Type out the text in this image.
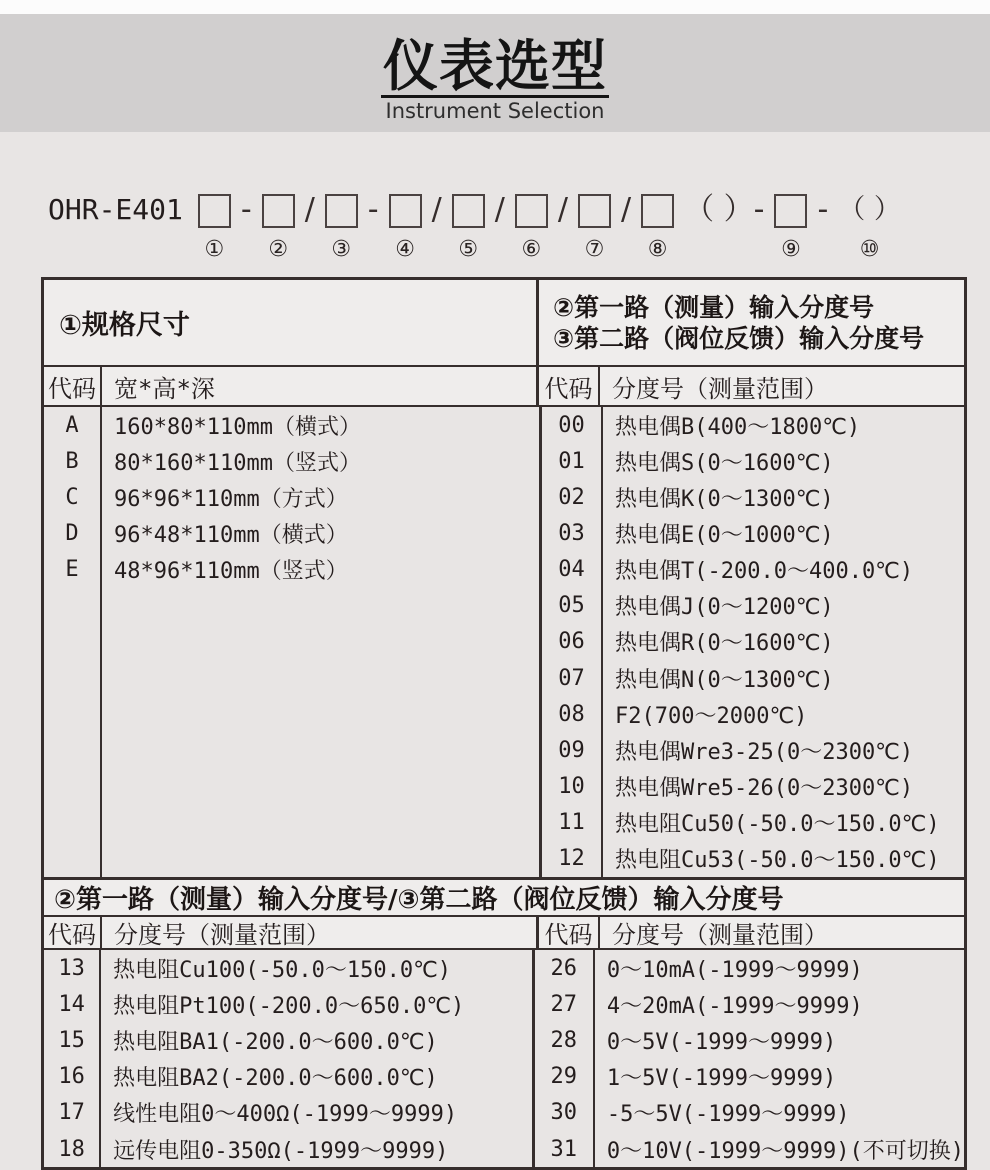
仪表选型
Instrument Selection
OHR-E401
①
-
②
/
③
-
④
/
⑤
/
⑥
/
⑦
/
⑧
（ ）-
⑨
- （ ）
⑩
①规格尺寸
②第一路（测量）输入分度号
③第二路（阀位反馈）输入分度号
代码 宽*高*深	代码 分度号（测量范围）
A
B
C
D
E
160*80*110mm（横式）
80*160*110mm（竖式）
96*96*110mm（方式）
96*48*110mm（横式）
48*96*110mm（竖式）
00
01
02
03
04
05
06
07
08
09
10
11
12
热电偶B(400～1800℃)
热电偶S(0～1600℃)
热电偶K(0～1300℃)
热电偶E(0～1000℃)
热电偶T(-200.0～400.0℃)
热电偶J(0～1200℃)
热电偶R(0～1600℃)
热电偶N(0～1300℃)
F2(700～2000℃)
热电偶Wre3-25(0～2300℃)
热电偶Wre5-26(0～2300℃)
热电阻Cu50(-50.0～150.0℃)
热电阻Cu53(-50.0～150.0℃)
②第一路（测量）输入分度号/③第二路（阀位反馈）输入分度号
代码 分度号（测量范围）	代码 分度号（测量范围）
13
14
15
16
17
18
热电阻Cu100(-50.0～150.0℃)
热电阻Pt100(-200.0～650.0℃)
热电阻BA1(-200.0～600.0℃)
热电阻BA2(-200.0～600.0℃)
线性电阻0～400Ω(-1999～9999)
远传电阻0-350Ω(-1999～9999)
26
27
28
29
30
31
0～10mA(-1999～9999)
4～20mA(-1999～9999)
0～5V(-1999～9999)
1～5V(-1999～9999)
-5～5V(-1999～9999)
0～10V(-1999～9999)(不可切换)
